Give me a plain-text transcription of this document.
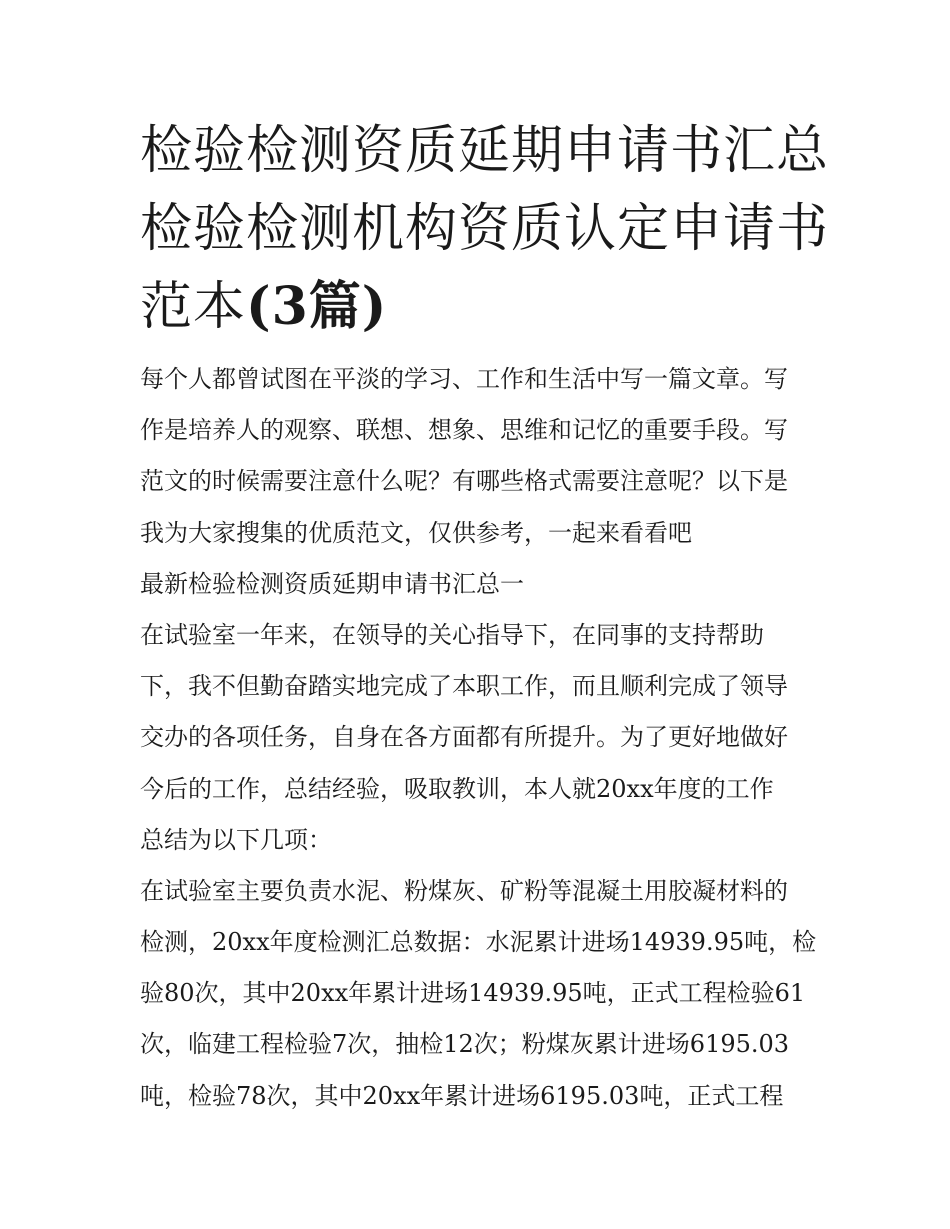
检验检测资质延期申请书汇总
检验检测机构资质认定申请书
范本(3篇)
每个人都曾试图在平淡的学习、工作和生活中写一篇文章。写
作是培养人的观察、联想、想象、思维和记忆的重要手段。写
范文的时候需要注意什么呢？有哪些格式需要注意呢？以下是
我为大家搜集的优质范文，仅供参考，一起来看看吧
最新检验检测资质延期申请书汇总一
在试验室一年来，在领导的关心指导下，在同事的支持帮助
下，我不但勤奋踏实地完成了本职工作，而且顺利完成了领导
交办的各项任务，自身在各方面都有所提升。为了更好地做好
今后的工作，总结经验，吸取教训，本人就20xx年度的工作
总结为以下几项：
在试验室主要负责水泥、粉煤灰、矿粉等混凝土用胶凝材料的
检测，20xx年度检测汇总数据：水泥累计进场14939.95吨，检
验80次，其中20xx年累计进场14939.95吨，正式工程检验61
次，临建工程检验7次，抽检12次；粉煤灰累计进场6195.03
吨，检验78次，其中20xx年累计进场6195.03吨，正式工程
